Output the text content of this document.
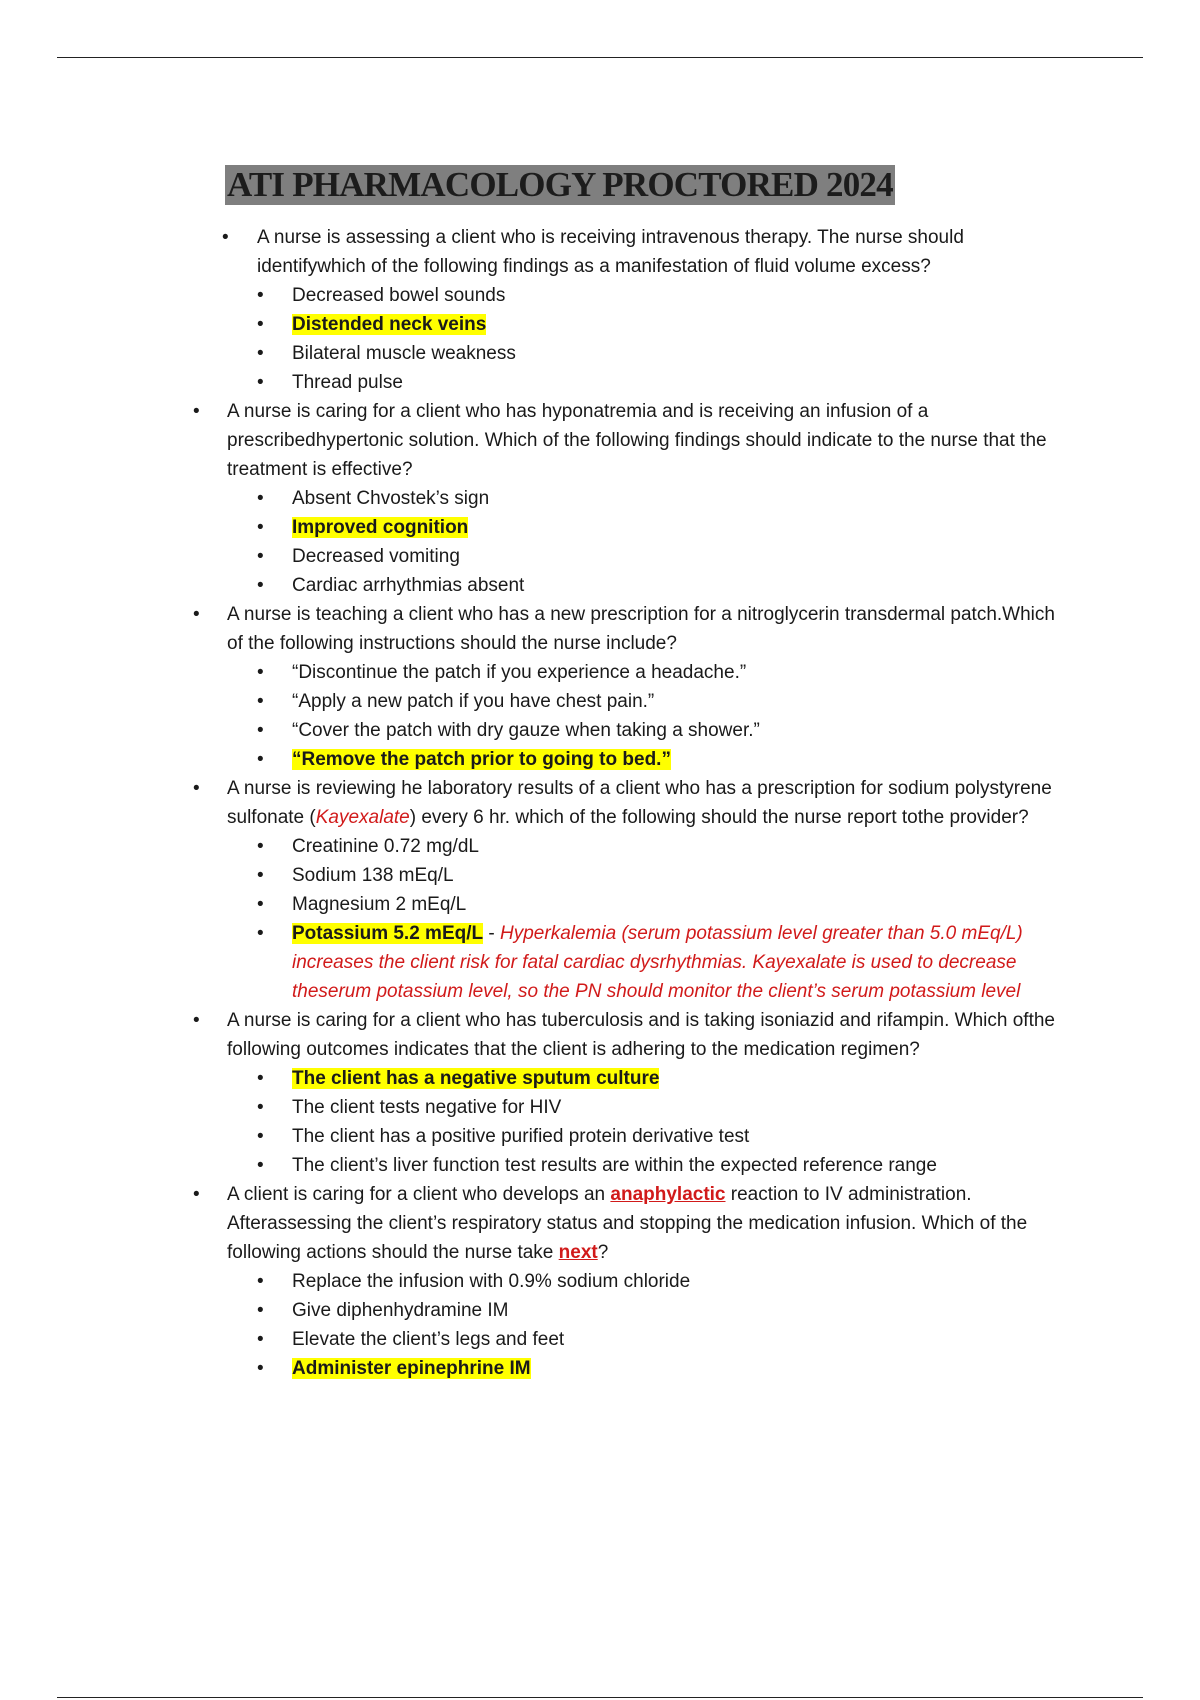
ATI PHARMACOLOGY PROCTORED 2024
• A nurse is assessing a client who is receiving intravenous therapy. The nurse should identifywhich of the following findings as a manifestation of fluid volume excess?
• Decreased bowel sounds
• Distended neck veins
• Bilateral muscle weakness
• Thread pulse
• A nurse is caring for a client who has hyponatremia and is receiving an infusion of a prescribedhypertonic solution. Which of the following findings should indicate to the nurse that the treatment is effective?
• Absent Chvostek’s sign
• Improved cognition
• Decreased vomiting
• Cardiac arrhythmias absent
• A nurse is teaching a client who has a new prescription for a nitroglycerin transdermal patch.Which of the following instructions should the nurse include?
• “Discontinue the patch if you experience a headache.”
• “Apply a new patch if you have chest pain.”
• “Cover the patch with dry gauze when taking a shower.”
• “Remove the patch prior to going to bed.”
• A nurse is reviewing he laboratory results of a client who has a prescription for sodium polystyrene sulfonate (Kayexalate) every 6 hr. which of the following should the nurse report tothe provider?
• Creatinine 0.72 mg/dL
• Sodium 138 mEq/L
• Magnesium 2 mEq/L
• Potassium 5.2 mEq/L - Hyperkalemia (serum potassium level greater than 5.0 mEq/L) increases the client risk for fatal cardiac dysrhythmias. Kayexalate is used to decrease theserum potassium level, so the PN should monitor the client’s serum potassium level
• A nurse is caring for a client who has tuberculosis and is taking isoniazid and rifampin. Which ofthe following outcomes indicates that the client is adhering to the medication regimen?
• The client has a negative sputum culture
• The client tests negative for HIV
• The client has a positive purified protein derivative test
• The client’s liver function test results are within the expected reference range
• A client is caring for a client who develops an anaphylactic reaction to IV administration. Afterassessing the client’s respiratory status and stopping the medication infusion. Which of the following actions should the nurse take next?
• Replace the infusion with 0.9% sodium chloride
• Give diphenhydramine IM
• Elevate the client’s legs and feet
• Administer epinephrine IM
